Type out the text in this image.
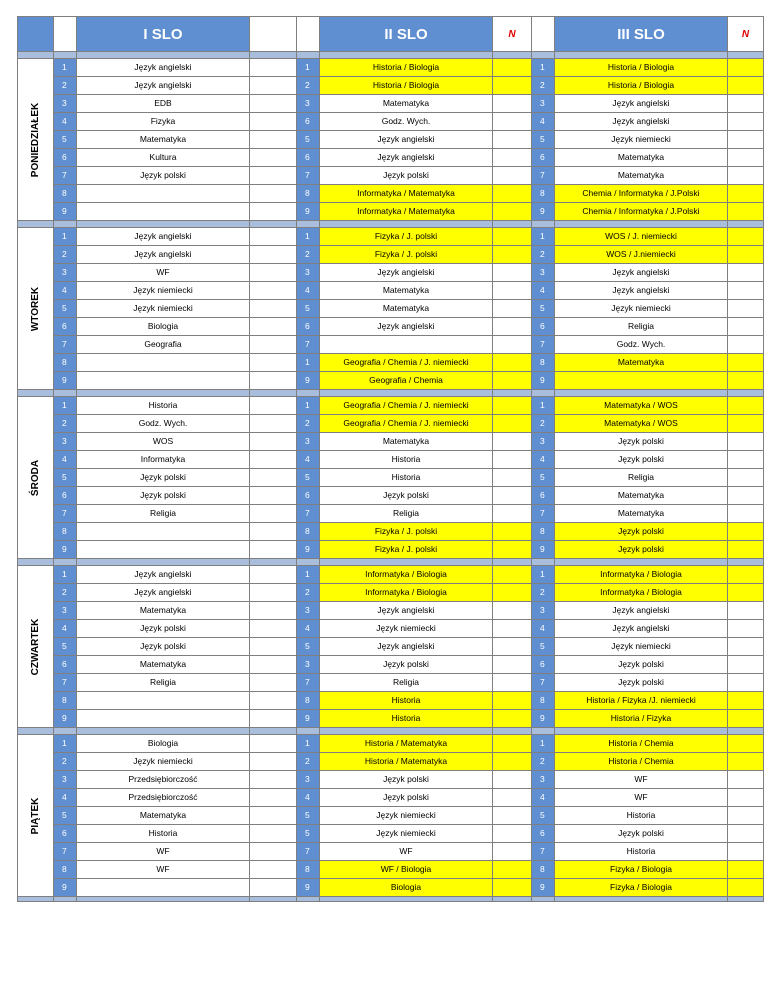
		I SLO			II SLO	N		III SLO	N

PONIEDZIAŁEK	1	Język angielski		1	Historia / Biologia		1	Historia / Biologia	
	2	Język angielski		2	Historia / Biologia		2	Historia / Biologia	
	3	EDB		3	Matematyka		3	Język angielski	
	4	Fizyka		6	Godz. Wych.		4	Język angielski	
	5	Matematyka		5	Język angielski		5	Język niemiecki	
	6	Kultura		6	Język angielski		6	Matematyka	
	7	Język polski		7	Język polski		7	Matematyka	
	8			8	Informatyka / Matematyka		8	Chemia / Informatyka / J.Polski	
	9			9	Informatyka / Matematyka		9	Chemia / Informatyka / J.Polski	

WTOREK	1	Język angielski		1	Fizyka / J. polski		1	WOS / J. niemiecki	
	2	Język angielski		2	Fizyka / J. polski		2	WOS / J.niemiecki	
	3	WF		3	Język angielski		3	Język angielski	
	4	Język niemiecki		4	Matematyka		4	Język angielski	
	5	Język niemiecki		5	Matematyka		5	Język niemiecki	
	6	Biologia		6	Język angielski		6	Religia	
	7	Geografia		7			7	Godz. Wych.	
	8			1	Geografia / Chemia / J. niemiecki		8	Matematyka	
	9			9	Geografia / Chemia		9		

ŚRODA	1	Historia		1	Geografia / Chemia / J. niemiecki		1	Matematyka / WOS	
	2	Godz. Wych.		2	Geografia / Chemia / J. niemiecki		2	Matematyka / WOS	
	3	WOS		3	Matematyka		3	Język polski	
	4	Informatyka		4	Historia		4	Język polski	
	5	Język polski		5	Historia		5	Religia	
	6	Język polski		6	Język polski		6	Matematyka	
	7	Religia		7	Religia		7	Matematyka	
	8			8	Fizyka / J. polski		8	Język polski	
	9			9	Fizyka / J. polski		9	Język polski	

CZWARTEK	1	Język angielski		1	Informatyka / Biologia		1	Informatyka / Biologia	
	2	Język angielski		2	Informatyka / Biologia		2	Informatyka / Biologia	
	3	Matematyka		3	Język angielski		3	Język angielski	
	4	Język polski		4	Język niemiecki		4	Język angielski	
	5	Język polski		5	Język angielski		5	Język niemiecki	
	6	Matematyka		3	Język polski		6	Język polski	
	7	Religia		7	Religia		7	Język polski	
	8			8	Historia		8	Historia / Fizyka /J. niemiecki	
	9			9	Historia		9	Historia / Fizyka	

PIĄTEK	1	Biologia		1	Historia / Matematyka		1	Historia / Chemia	
	2	Język niemiecki		2	Historia / Matematyka		2	Historia / Chemia	
	3	Przedsiębiorczość		3	Język polski		3	WF	
	4	Przedsiębiorczość		4	Język polski		4	WF	
	5	Matematyka		5	Język niemiecki		5	Historia	
	6	Historia		5	Język niemiecki		6	Język polski	
	7	WF		7	WF		7	Historia	
	8	WF		8	WF / Biologia		8	Fizyka / Biologia	
	9			9	Biologia		9	Fizyka / Biologia	
